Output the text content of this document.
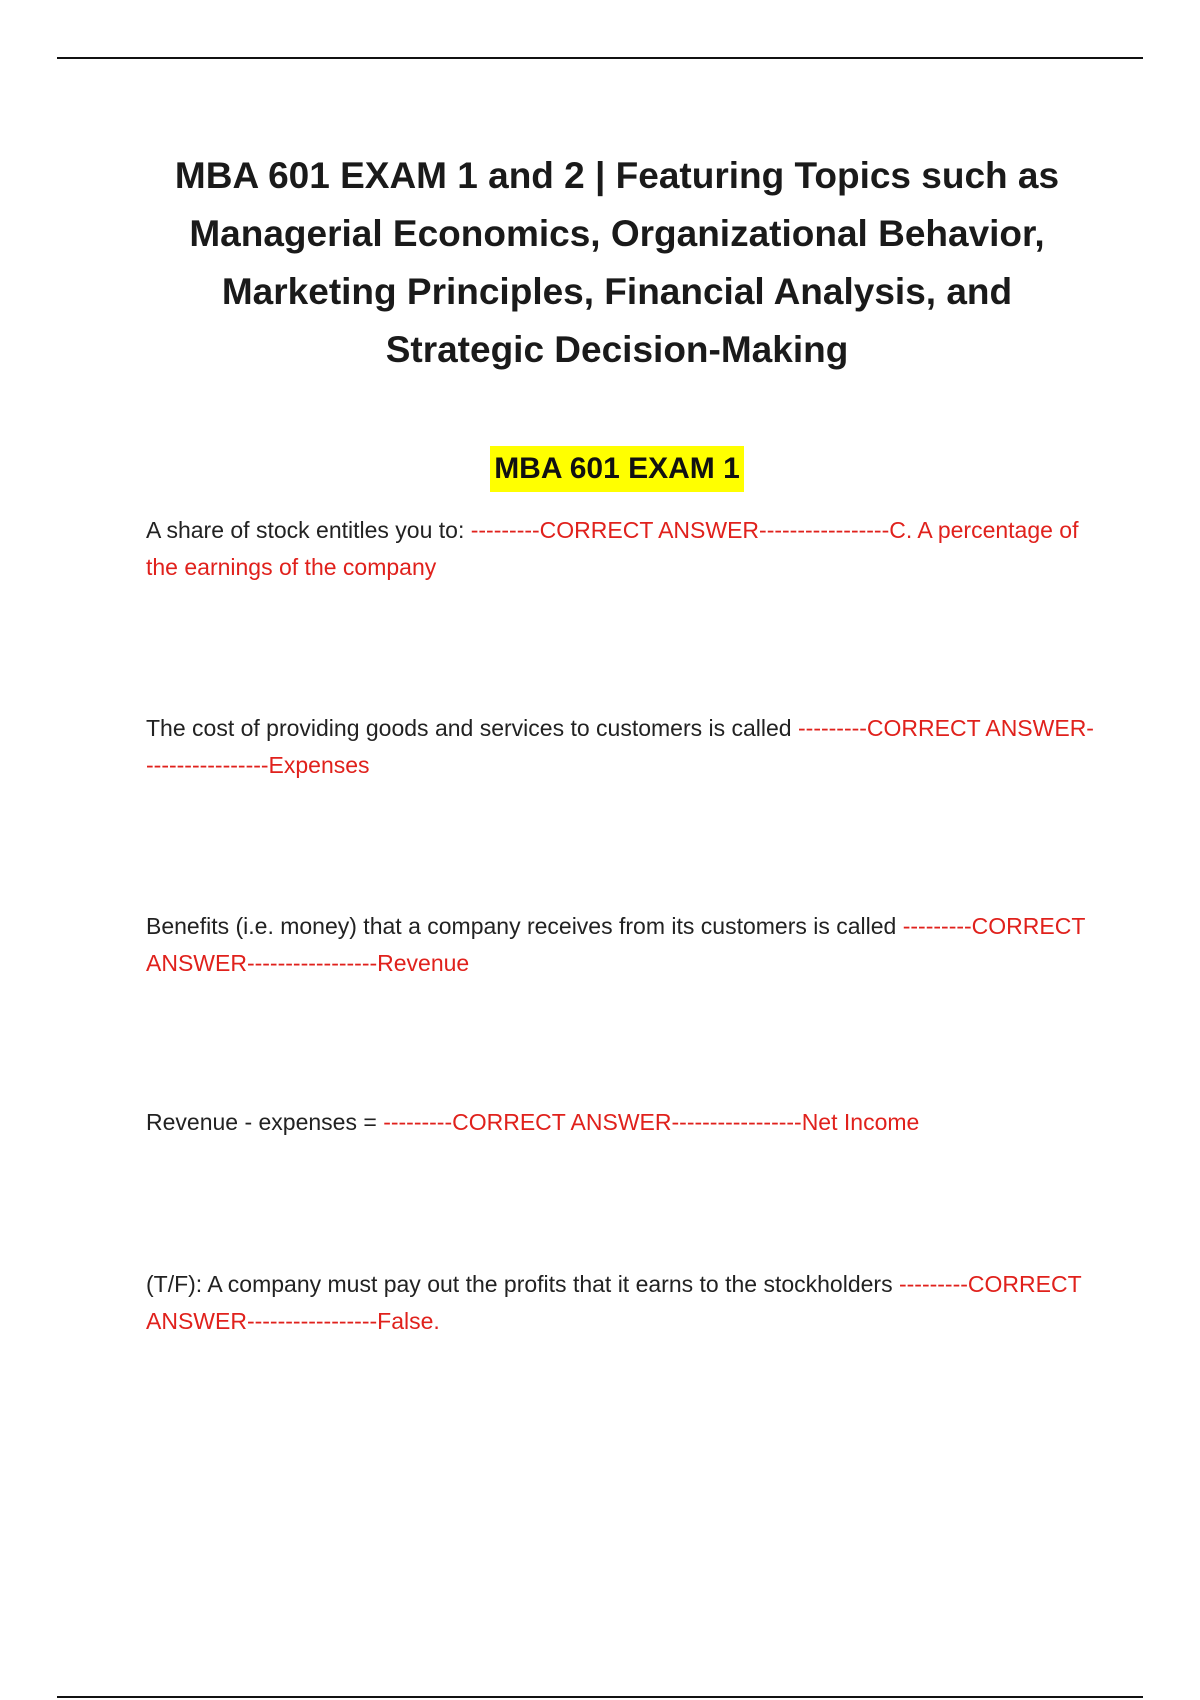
MBA 601 EXAM 1 and 2 | Featuring Topics such as Managerial Economics, Organizational Behavior, Marketing Principles, Financial Analysis, and Strategic Decision-Making
MBA 601 EXAM 1

A share of stock entitles you to: ---------CORRECT ANSWER-----------------C. A percentage of the earnings of the company

The cost of providing goods and services to customers is called ---------CORRECT ANSWER-----------------Expenses

Benefits (i.e. money) that a company receives from its customers is called ---------CORRECT ANSWER-----------------Revenue

Revenue - expenses = ---------CORRECT ANSWER-----------------Net Income

(T/F): A company must pay out the profits that it earns to the stockholders ---------CORRECT ANSWER-----------------False.
